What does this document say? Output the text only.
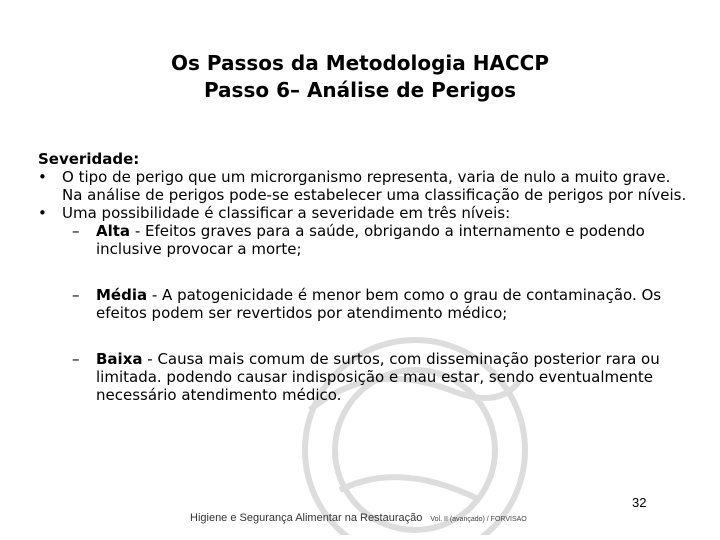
Os Passos da Metodologia HACCP
Passo 6– Análise de Perigos
Severidade:
• O tipo de perigo que um microrganismo representa, varia de nulo a muito grave. Na análise de perigos pode-se estabelecer uma classificação de perigos por níveis.
• Uma possibilidade é classificar a severidade em três níveis:
– Alta - Efeitos graves para a saúde, obrigando a internamento e podendo inclusive provocar a morte;
– Média - A patogenicidade é menor bem como o grau de contaminação. Os efeitos podem ser revertidos por atendimento médico;
– Baixa - Causa mais comum de surtos, com disseminação posterior rara ou limitada. podendo causar indisposição e mau estar, sendo eventualmente necessário atendimento médico.
32
Higiene e Segurança Alimentar na Restauração Vol. II (avançado) / FORVISAO
